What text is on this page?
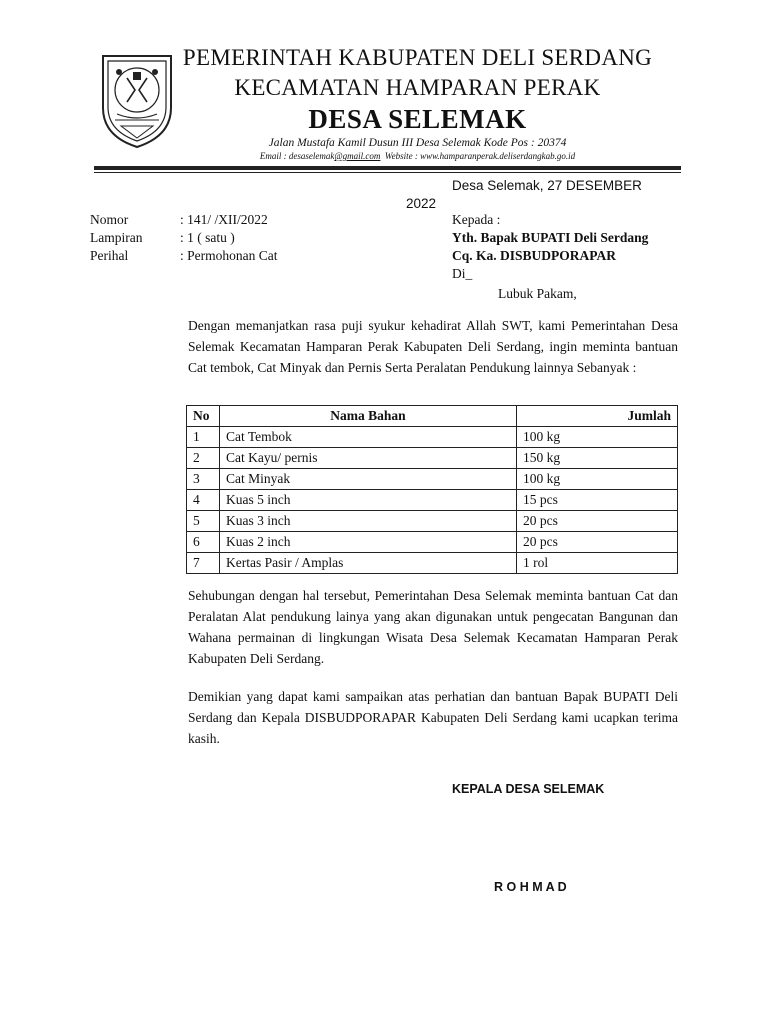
PEMERINTAH KABUPATEN DELI SERDANG
KECAMATAN HAMPARAN PERAK
DESA SELEMAK
Jalan Mustafa Kamil Dusun III Desa Selemak Kode Pos : 20374
Email : desaselemak@gmail.com Website : www.hamparanperak.deliserdangkab.go.id
Desa Selemak, 27 DESEMBER
2022
Nomor	: 141/ /XII/2022
Lampiran	: 1 ( satu )
Perihal	: Permohonan Cat
Kepada :
Yth. Bapak BUPATI Deli Serdang
Cq. Ka. DISBUDPORAPAR
Di_
Lubuk Pakam,
Dengan memanjatkan rasa puji syukur kehadirat Allah SWT, kami Pemerintahan Desa Selemak Kecamatan Hamparan Perak Kabupaten Deli Serdang, ingin meminta bantuan Cat tembok, Cat Minyak dan Pernis Serta Peralatan Pendukung lainnya Sebanyak :
No	Nama Bahan	Jumlah
1	Cat Tembok	100 kg
2	Cat Kayu/ pernis	150 kg
3	Cat Minyak	100 kg
4	Kuas 5 inch	15 pcs
5	Kuas 3 inch	20 pcs
6	Kuas 2 inch	20 pcs
7	Kertas Pasir / Amplas	1 rol
Sehubungan dengan hal tersebut, Pemerintahan Desa Selemak meminta bantuan Cat dan Peralatan Alat pendukung lainya yang akan digunakan untuk pengecatan Bangunan dan Wahana permainan di lingkungan Wisata Desa Selemak Kecamatan Hamparan Perak Kabupaten Deli Serdang.
Demikian yang dapat kami sampaikan atas perhatian dan bantuan Bapak BUPATI Deli Serdang dan Kepala DISBUDPORAPAR Kabupaten Deli Serdang kami ucapkan terima kasih.
KEPALA DESA SELEMAK
R O H M A D
